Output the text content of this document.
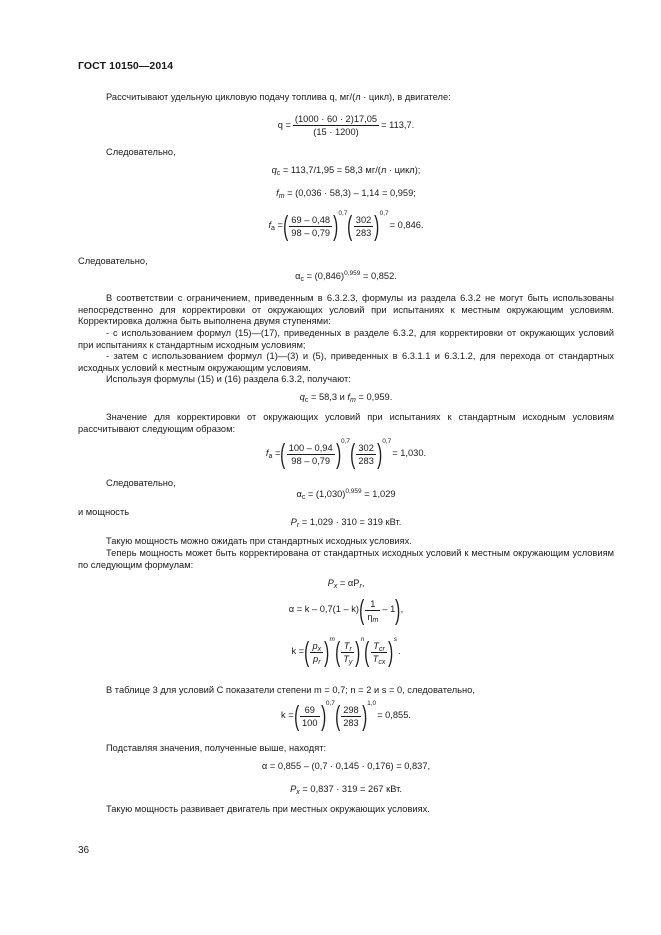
ГОСТ 10150—2014
Рассчитывают удельную цикловую подачу топлива q, мг/(л · цикл), в двигателе:
$q = \frac{(1000 \cdot 60 \cdot 2)17,05}{(15 \cdot 1200)} = 113,7$.
Следовательно,
$q_c = 113,7/1,95 = 58,3$ мг/(л · цикл);
$f_m = (0,036 \cdot 58,3) - 1,14 = 0,959$;
$f_a$ = ( $\frac{69 - 0,48}{98 - 0,79}$ ) 0,7 ( $\frac{302}{283}$ ) 0,7
= 0,846.
Следовательно,
$\alpha_c = (0,846)^{0,959} = 0,852$.
В соответствии с ограничением, приведенным в 6.3.2.3, формулы из раздела 6.3.2 не могут быть использованы непосредственно для корректировки от окружающих условий при испытаниях к местным окружающим условиям. Корректировка должна быть выполнена двумя ступенями:
- с использованием формул (15)—(17), приведенных в разделе 6.3.2, для корректировки от окружающих условий при испытаниях к стандартным исходным условиям;
- затем с использованием формул (1)—(3) и (5), приведенных в 6.3.1.1 и 6.3.1.2, для перехода от стандартных исходных условий к местным окружающим условиям.
Используя формулы (15) и (16) раздела 6.3.2, получают:
$q_c = 58,3$ и $f_m = 0,959$.
Значение для корректировки от окружающих условий при испытаниях к стандартным исходным условиям рассчитывают следующим образом:
$f_a$ = ( $\frac{100 - 0,94}{98 - 0,79}$ ) 0,7 ( $\frac{302}{283}$ ) 0,7
= 1,030.
Следовательно,
$\alpha_c = (1,030)^{0,959} = 1,029$
и мощность
$P_r = 1,029 \cdot 310 = 319$ кВт.
Такую мощность можно ожидать при стандартных исходных условиях.
Теперь мощность может быть корректирована от стандартных исходных условий к местным окружающим условиям по следующим формулам:
$P_x = \alpha P_r$,
α = k – 0,7(1 – k) ( $\frac{1}{\eta_m} - 1$ ) ,
k = ( $\frac{p_x}{p_r}$ ) m ( $\frac{T_r}{T_y}$ ) n ( $\frac{T_{cr}}{T_{cx}}$ ) s
.
В таблице 3 для условий С показатели степени m = 0,7; n = 2 и s = 0, следовательно,
k = ( $\frac{69}{100}$ ) 0,7 ( $\frac{298}{283}$ ) 1,0
= 0,855.
Подставляя значения, полученные выше, находят:
α = 0,855 – (0,7 · 0,145 · 0,176) = 0,837,
$P_x = 0,837 \cdot 319 = 267$ кВт.
Такую мощность развивает двигатель при местных окружающих условиях.
36
